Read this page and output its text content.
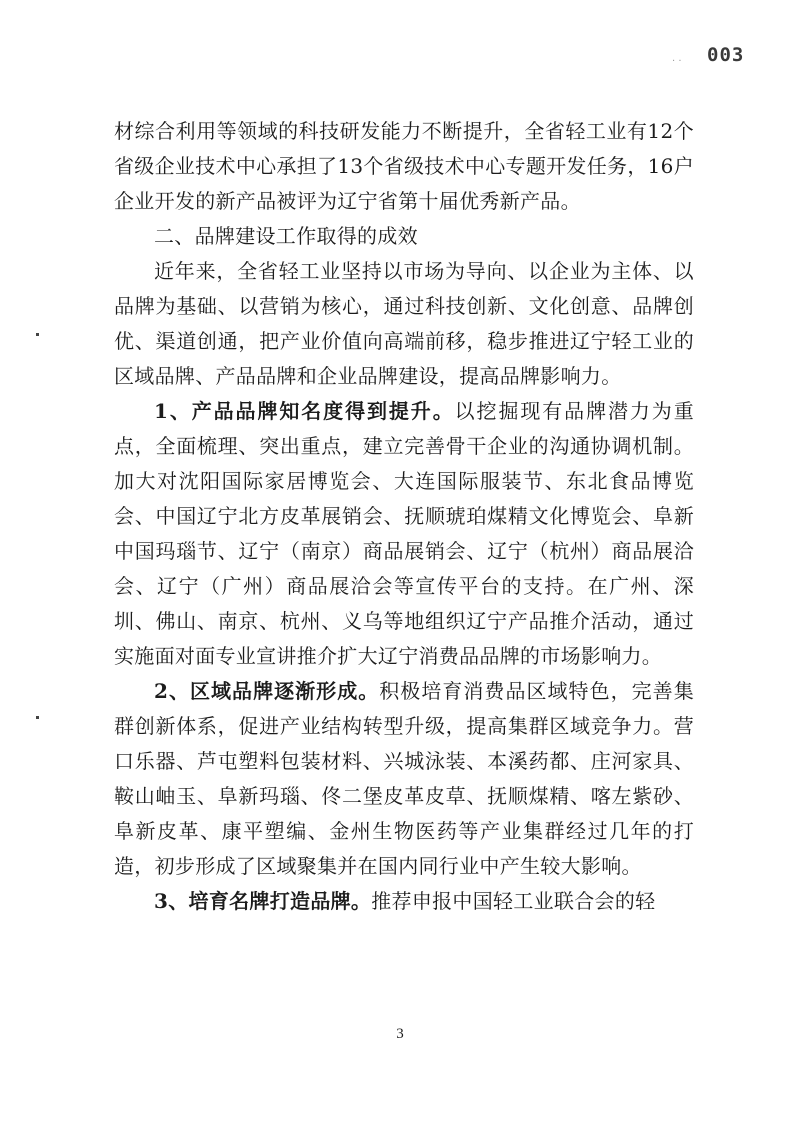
· · 003

材综合利用等领域的科技研发能力不断提升，全省轻工业有12个省级企业技术中心承担了13个省级技术中心专题开发任务，16户企业开发的新产品被评为辽宁省第十届优秀新产品。

二、品牌建设工作取得的成效

近年来，全省轻工业坚持以市场为导向、以企业为主体、以品牌为基础、以营销为核心，通过科技创新、文化创意、品牌创优、渠道创通，把产业价值向高端前移，稳步推进辽宁轻工业的区域品牌、产品品牌和企业品牌建设，提高品牌影响力。

1、产品品牌知名度得到提升。以挖掘现有品牌潜力为重点，全面梳理、突出重点，建立完善骨干企业的沟通协调机制。加大对沈阳国际家居博览会、大连国际服装节、东北食品博览会、中国辽宁北方皮革展销会、抚顺琥珀煤精文化博览会、阜新中国玛瑙节、辽宁（南京）商品展销会、辽宁（杭州）商品展洽会、辽宁（广州）商品展洽会等宣传平台的支持。在广州、深圳、佛山、南京、杭州、义乌等地组织辽宁产品推介活动，通过实施面对面专业宣讲推介扩大辽宁消费品品牌的市场影响力。

2、区域品牌逐渐形成。积极培育消费品区域特色，完善集群创新体系，促进产业结构转型升级，提高集群区域竞争力。营口乐器、芦屯塑料包装材料、兴城泳装、本溪药都、庄河家具、鞍山岫玉、阜新玛瑙、佟二堡皮革皮草、抚顺煤精、喀左紫砂、阜新皮革、康平塑编、金州生物医药等产业集群经过几年的打造，初步形成了区域聚集并在国内同行业中产生较大影响。

3、培育名牌打造品牌。推荐申报中国轻工业联合会的轻

3
